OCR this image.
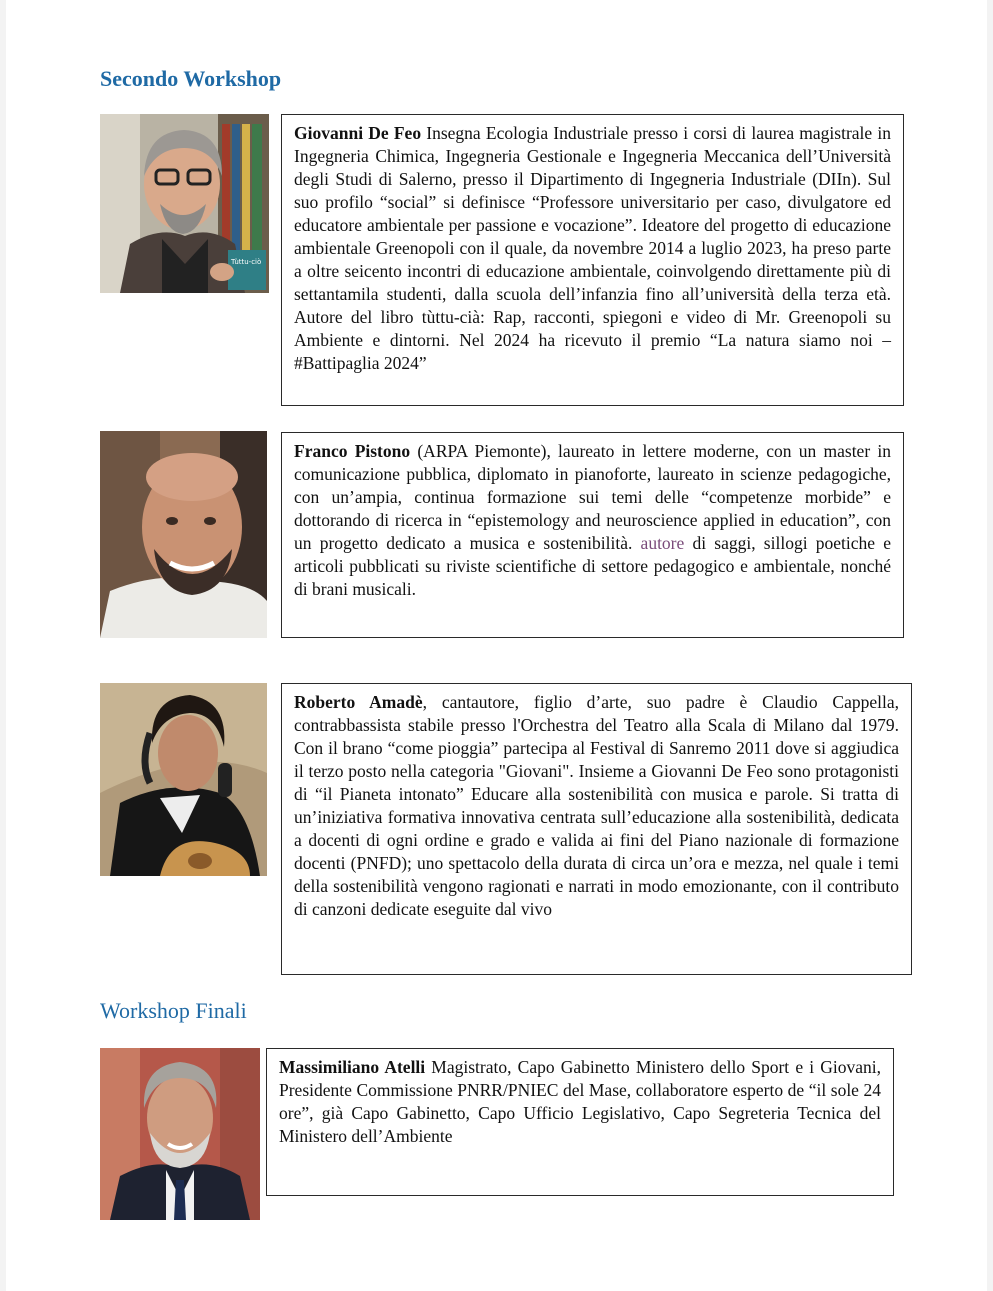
Secondo Workshop
Tùttu-ciò
Giovanni De Feo Insegna Ecologia Industriale presso i corsi di laurea magistrale in Ingegneria Chimica, Ingegneria Gestionale e Ingegneria Meccanica dell’Università degli Studi di Salerno, presso il Dipartimento di Ingegneria Industriale (DIIn). Sul suo profilo “social” si definisce “Professore universitario per caso, divulgatore ed educatore ambientale per passione e vocazione”. Ideatore del progetto di educazione ambientale Greenopoli con il quale, da novembre 2014 a luglio 2023, ha preso parte a oltre seicento incontri di educazione ambientale, coinvolgendo direttamente più di settantamila studenti, dalla scuola dell’infanzia fino all’università della terza età. Autore del libro tùttu-cià: Rap, racconti, spiegoni e video di Mr. Greenopoli su Ambiente e dintorni. Nel 2024 ha ricevuto il premio “La natura siamo noi – #Battipaglia 2024”
Franco Pistono (ARPA Piemonte), laureato in lettere moderne, con un master in comunicazione pubblica, diplomato in pianoforte, laureato in scienze pedagogiche, con un’ampia, continua formazione sui temi delle “competenze morbide” e dottorando di ricerca in “epistemology and neuroscience applied in education”, con un progetto dedicato a musica e sostenibilità. autore di saggi, sillogi poetiche e articoli pubblicati su riviste scientifiche di settore pedagogico e ambientale, nonché di brani musicali.
Roberto Amadè, cantautore, figlio d’arte, suo padre è Claudio Cappella, contrabbassista stabile presso l'Orchestra del Teatro alla Scala di Milano dal 1979. Con il brano “come pioggia” partecipa al Festival di Sanremo 2011 dove si aggiudica il terzo posto nella categoria "Giovani". Insieme a Giovanni De Feo sono protagonisti di “il Pianeta intonato” Educare alla sostenibilità con musica e parole. Si tratta di un’iniziativa formativa innovativa centrata sull’educazione alla sostenibilità, dedicata a docenti di ogni ordine e grado e valida ai fini del Piano nazionale di formazione docenti (PNFD); uno spettacolo della durata di circa un’ora e mezza, nel quale i temi della sostenibilità vengono ragionati e narrati in modo emozionante, con il contributo di canzoni dedicate eseguite dal vivo
Workshop Finali
Massimiliano Atelli Magistrato, Capo Gabinetto Ministero dello Sport e i Giovani, Presidente Commissione PNRR/PNIEC del Mase, collaboratore esperto de “il sole 24 ore”, già Capo Gabinetto, Capo Ufficio Legislativo, Capo Segreteria Tecnica del Ministero dell’Ambiente
